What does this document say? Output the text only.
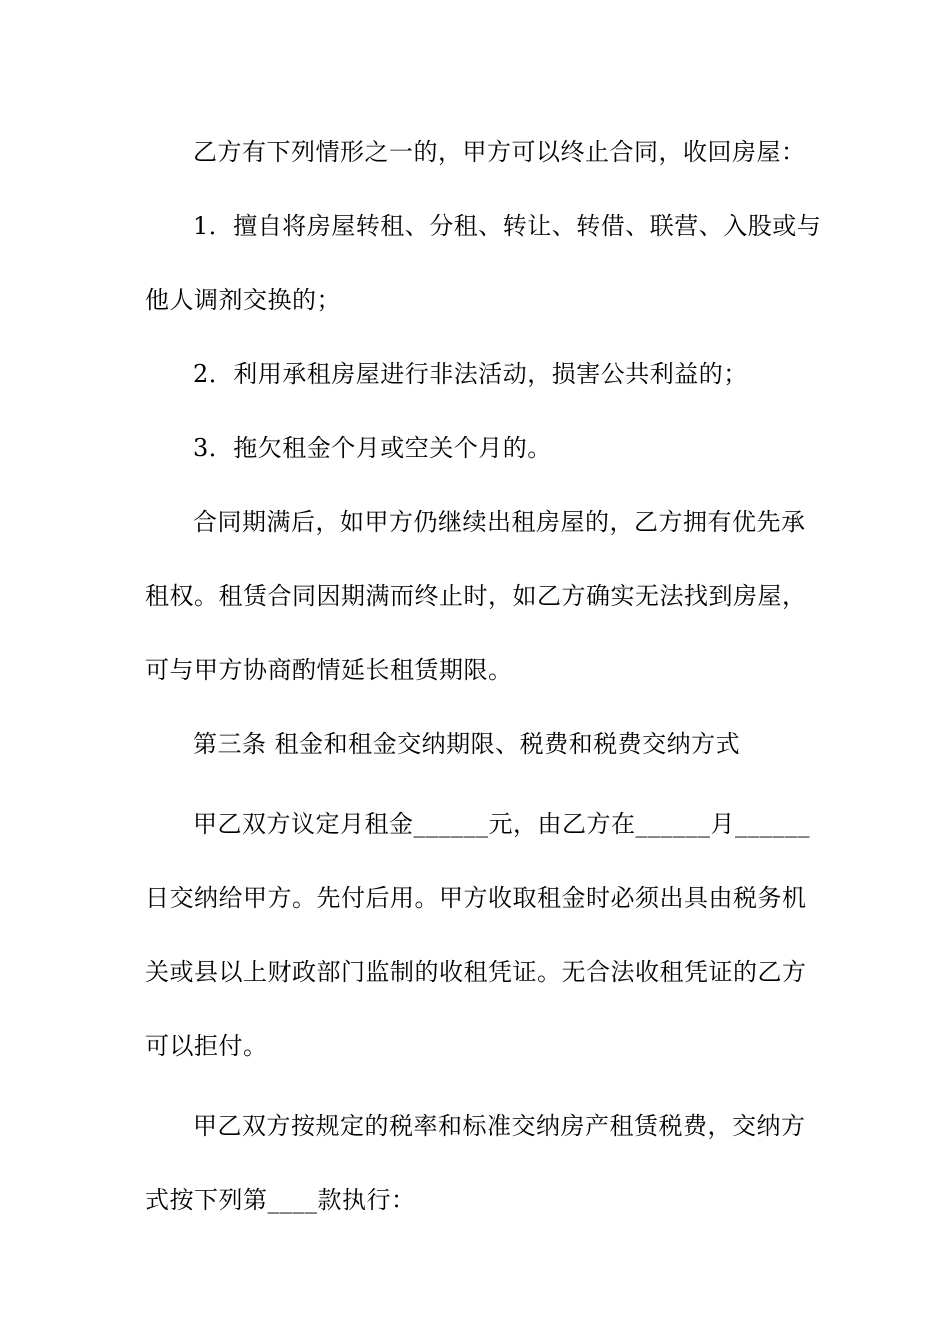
乙方有下列情形之一的，甲方可以终止合同，收回房屋：
1．擅自将房屋转租、分租、转让、转借、联营、入股或与
他人调剂交换的；
2．利用承租房屋进行非法活动，损害公共利益的；
3．拖欠租金个月或空关个月的。
合同期满后，如甲方仍继续出租房屋的，乙方拥有优先承
租权。租赁合同因期满而终止时，如乙方确实无法找到房屋，
可与甲方协商酌情延长租赁期限。
第三条 租金和租金交纳期限、税费和税费交纳方式
甲乙双方议定月租金______元，由乙方在______月______
日交纳给甲方。先付后用。甲方收取租金时必须出具由税务机
关或县以上财政部门监制的收租凭证。无合法收租凭证的乙方
可以拒付。
甲乙双方按规定的税率和标准交纳房产租赁税费，交纳方
式按下列第____款执行：
